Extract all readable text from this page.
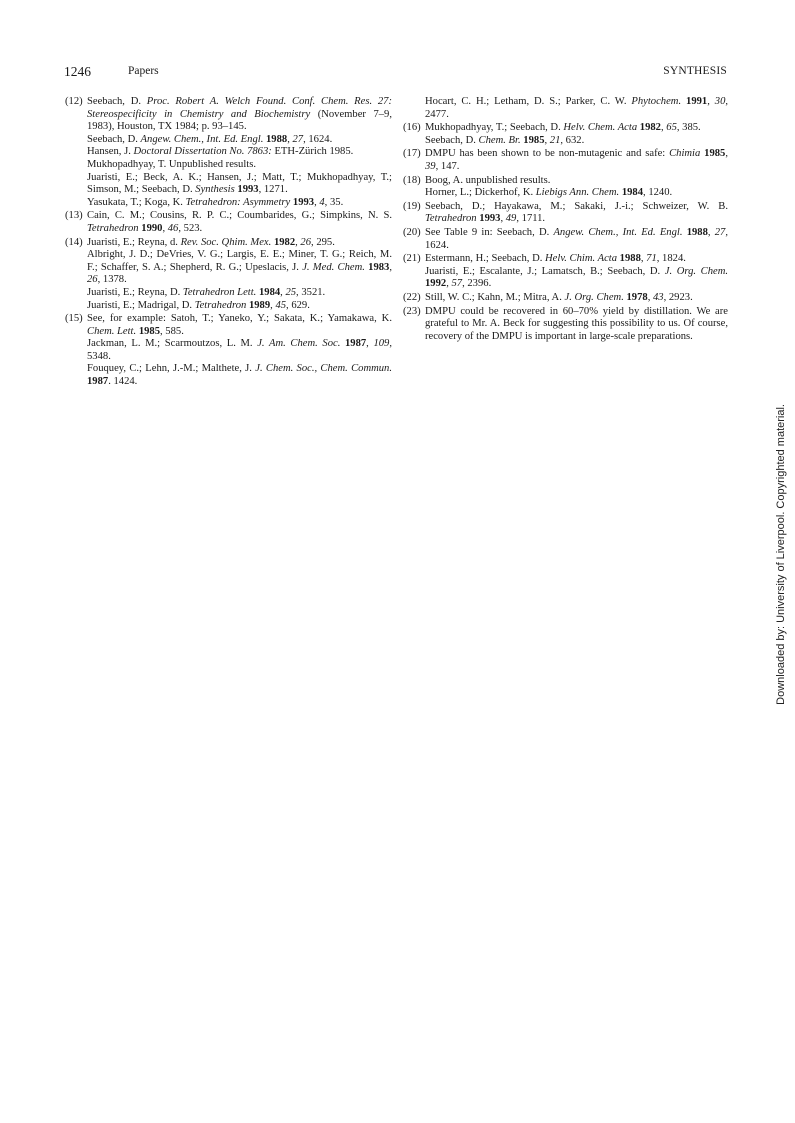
1246	Papers	SYNTHESIS
(12) Seebach, D. Proc. Robert A. Welch Found. Conf. Chem. Res. 27: Stereospecificity in Chemistry and Biochemistry (November 7–9, 1983), Houston, TX 1984; p. 93–145.
Seebach, D. Angew. Chem., Int. Ed. Engl. 1988, 27, 1624.
Hansen, J. Doctoral Dissertation No. 7863: ETH-Zürich 1985.
Mukhopadhyay, T. Unpublished results.
Juaristi, E.; Beck, A. K.; Hansen, J.; Matt, T.; Mukhopadhyay, T.; Simson, M.; Seebach, D. Synthesis 1993, 1271.
Yasukata, T.; Koga, K. Tetrahedron: Asymmetry 1993, 4, 35.
(13) Cain, C. M.; Cousins, R. P. C.; Coumbarides, G.; Simpkins, N. S. Tetrahedron 1990, 46, 523.
(14) Juaristi, E.; Reyna, d. Rev. Soc. Qhim. Mex. 1982, 26, 295.
Albright, J. D.; DeVries, V. G.; Largis, E. E.; Miner, T. G.; Reich, M. F.; Schaffer, S. A.; Shepherd, R. G.; Upeslacis, J. J. Med. Chem. 1983, 26, 1378.
Juaristi, E.; Reyna, D. Tetrahedron Lett. 1984, 25, 3521.
Juaristi, E.; Madrigal, D. Tetrahedron 1989, 45, 629.
(15) See, for example: Satoh, T.; Yaneko, Y.; Sakata, K.; Yamakawa, K. Chem. Lett. 1985, 585.
Jackman, L. M.; Scarmoutzos, L. M. J. Am. Chem. Soc. 1987, 109, 5348.
Fouquey, C.; Lehn, J.-M.; Malthete, J. J. Chem. Soc., Chem. Commun. 1987. 1424.
Hocart, C. H.; Letham, D. S.; Parker, C. W. Phytochem. 1991, 30, 2477.
(16) Mukhopadhyay, T.; Seebach, D. Helv. Chem. Acta 1982, 65, 385.
Seebach, D. Chem. Br. 1985, 21, 632.
(17) DMPU has been shown to be non-mutagenic and safe: Chimia 1985, 39, 147.
(18) Boog, A. unpublished results.
Horner, L.; Dickerhof, K. Liebigs Ann. Chem. 1984, 1240.
(19) Seebach, D.; Hayakawa, M.; Sakaki, J.-i.; Schweizer, W. B. Tetrahedron 1993, 49, 1711.
(20) See Table 9 in: Seebach, D. Angew. Chem., Int. Ed. Engl. 1988, 27, 1624.
(21) Estermann, H.; Seebach, D. Helv. Chim. Acta 1988, 71, 1824.
Juaristi, E.; Escalante, J.; Lamatsch, B.; Seebach, D. J. Org. Chem. 1992, 57, 2396.
(22) Still, W. C.; Kahn, M.; Mitra, A. J. Org. Chem. 1978, 43, 2923.
(23) DMPU could be recovered in 60–70% yield by distillation. We are grateful to Mr. A. Beck for suggesting this possibility to us. Of course, recovery of the DMPU is important in large-scale preparations.
Downloaded by: University of Liverpool. Copyrighted material.
